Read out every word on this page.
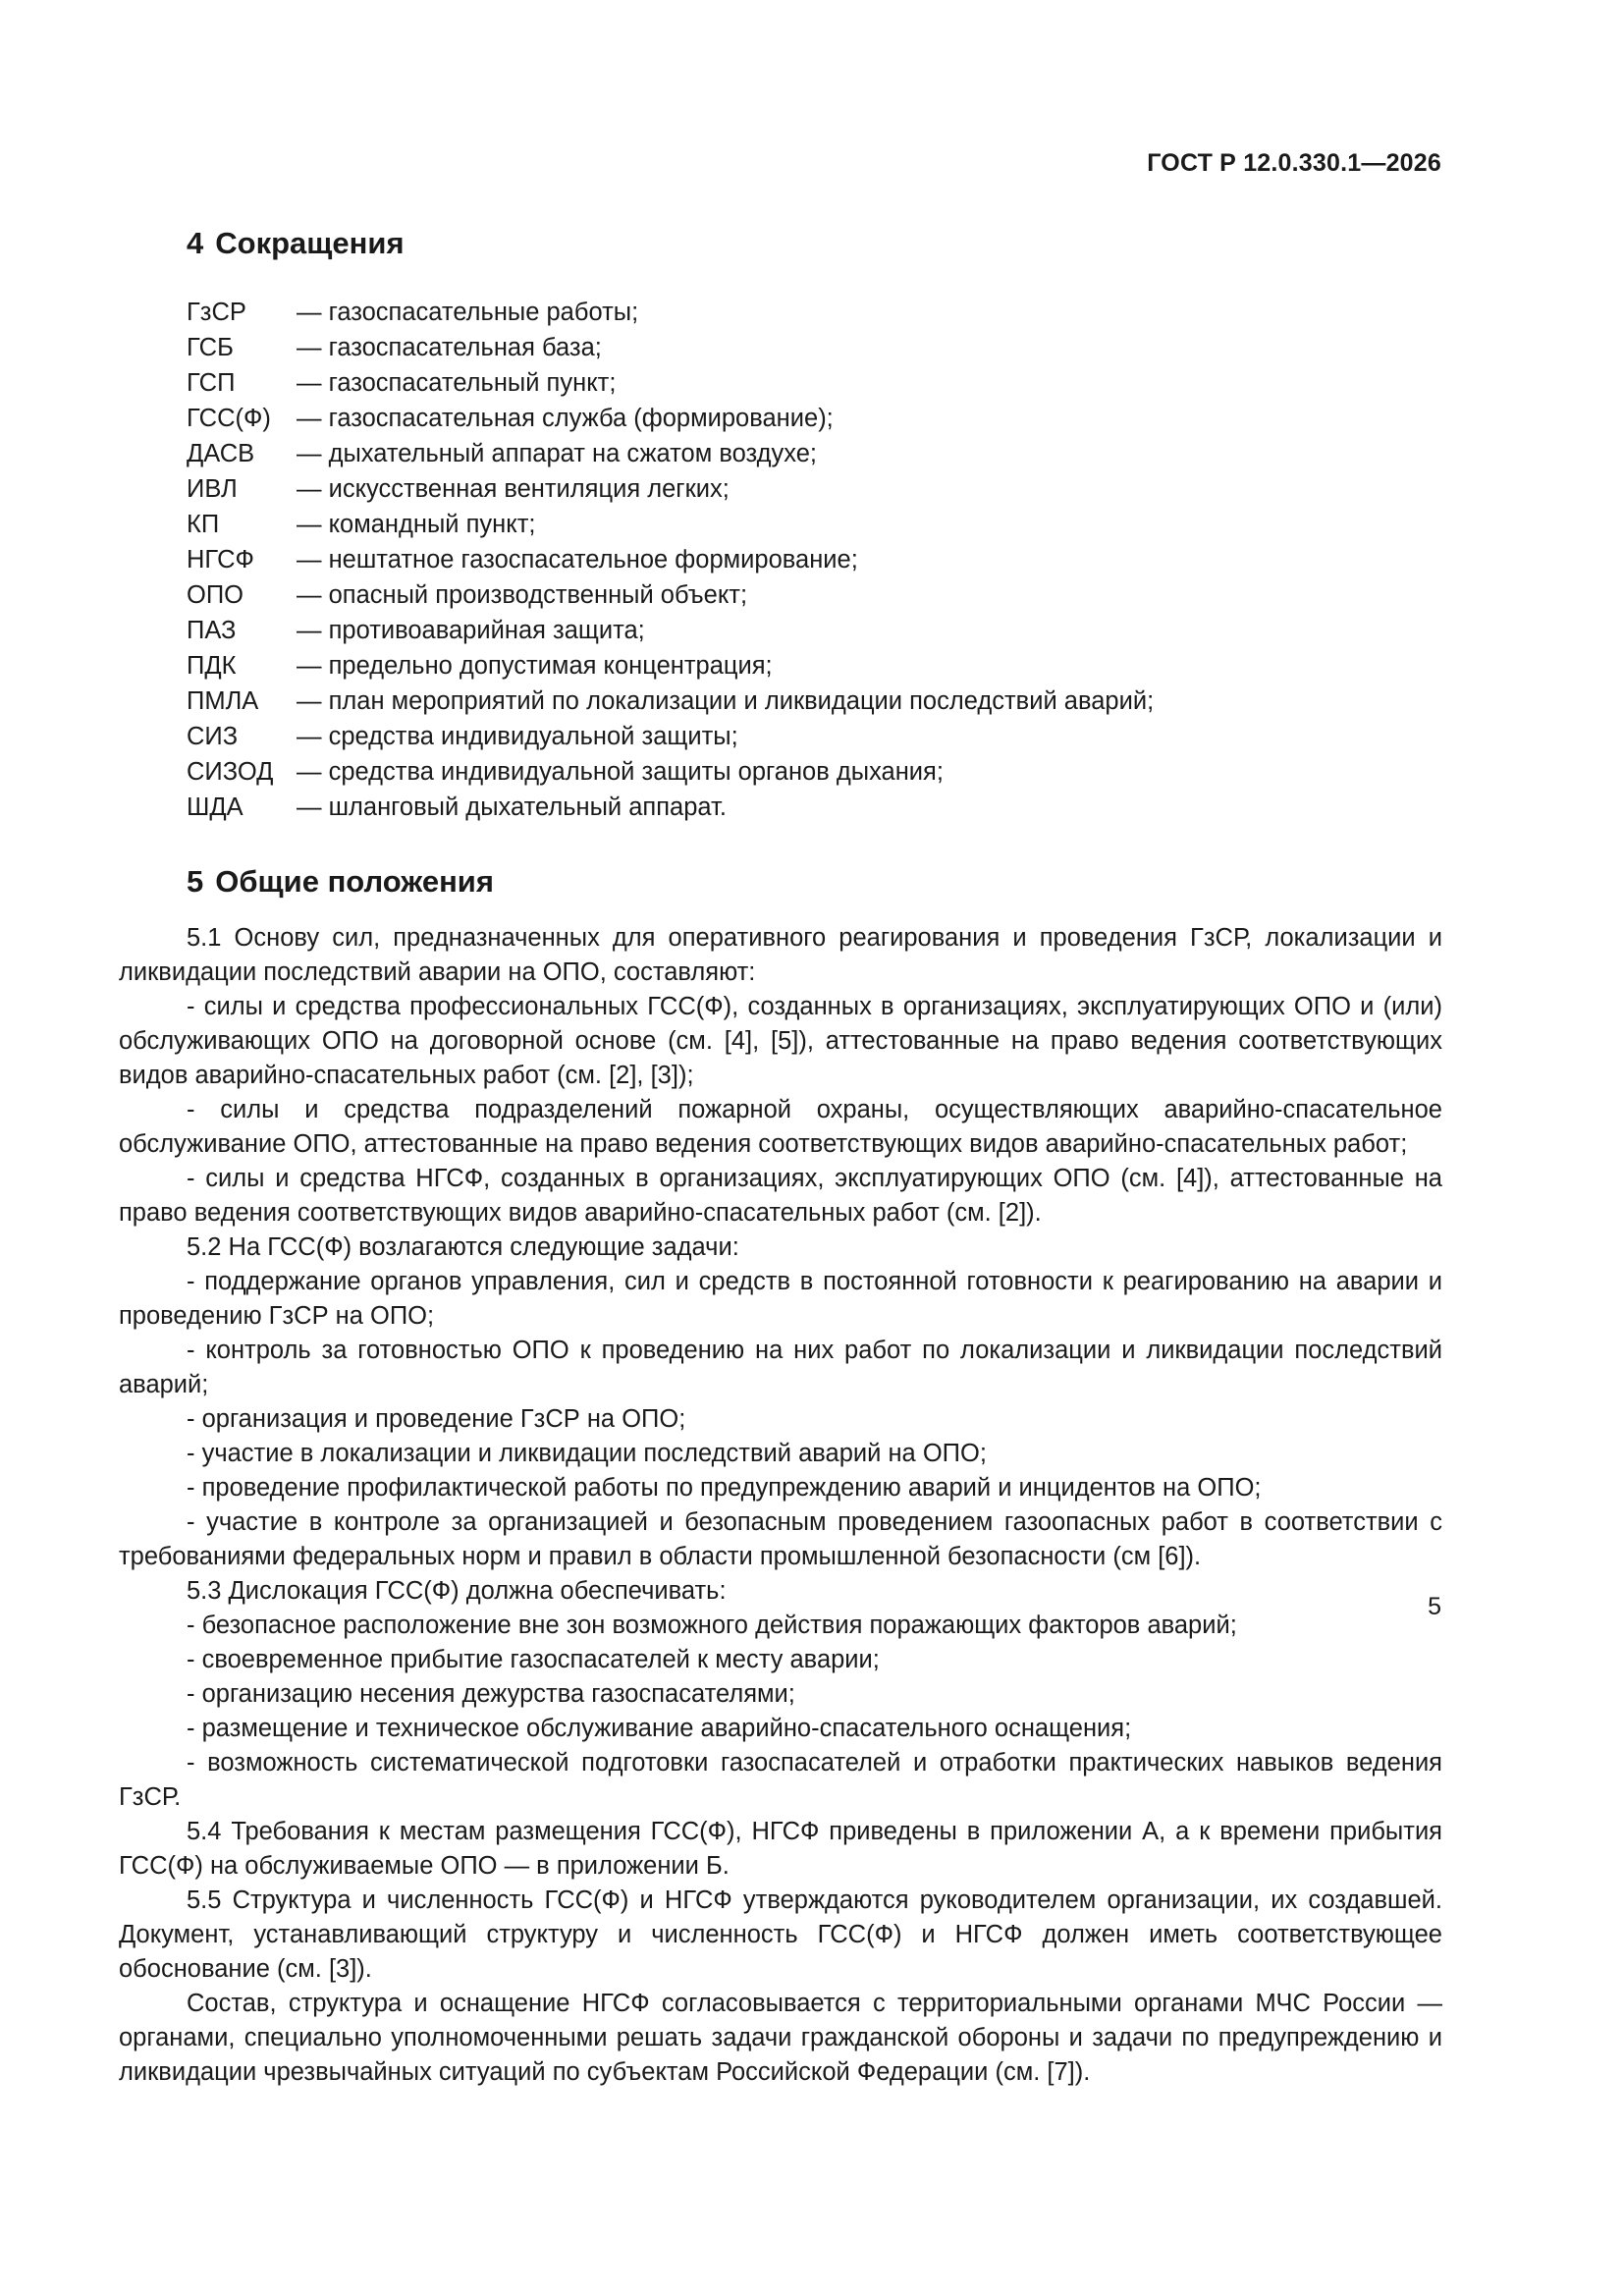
ГОСТ Р 12.0.330.1—2026
4 Сокращения
ГзСР	— газоспасательные работы;
ГСБ	— газоспасательная база;
ГСП	— газоспасательный пункт;
ГСС(Ф)	— газоспасательная служба (формирование);
ДАСВ	— дыхательный аппарат на сжатом воздухе;
ИВЛ	— искусственная вентиляция легких;
КП	— командный пункт;
НГСФ	— нештатное газоспасательное формирование;
ОПО	— опасный производственный объект;
ПАЗ	— противоаварийная защита;
ПДК	— предельно допустимая концентрация;
ПМЛА	— план мероприятий по локализации и ликвидации последствий аварий;
СИЗ	— средства индивидуальной защиты;
СИЗОД — средства индивидуальной защиты органов дыхания;
ШДА	— шланговый дыхательный аппарат.
5 Общие положения

5.1 Основу сил, предназначенных для оперативного реагирования и проведения ГзСР, локализации и ликвидации последствий аварии на ОПО, составляют:

- силы и средства профессиональных ГСС(Ф), созданных в организациях, эксплуатирующих ОПО и (или) обслуживающих ОПО на договорной основе (см. [4], [5]), аттестованные на право ведения соответствующих видов аварийно-спасательных работ (см. [2], [3]);

- силы и средства подразделений пожарной охраны, осуществляющих аварийно-спасательное обслуживание ОПО, аттестованные на право ведения соответствующих видов аварийно-спасательных работ;

- силы и средства НГСФ, созданных в организациях, эксплуатирующих ОПО (см. [4]), аттестованные на право ведения соответствующих видов аварийно-спасательных работ (см. [2]).

5.2 На ГСС(Ф) возлагаются следующие задачи:

- поддержание органов управления, сил и средств в постоянной готовности к реагированию на аварии и проведению ГзСР на ОПО;

- контроль за готовностью ОПО к проведению на них работ по локализации и ликвидации последствий аварий;

- организация и проведение ГзСР на ОПО;

- участие в локализации и ликвидации последствий аварий на ОПО;

- проведение профилактической работы по предупреждению аварий и инцидентов на ОПО;

- участие в контроле за организацией и безопасным проведением газоопасных работ в соответствии с требованиями федеральных норм и правил в области промышленной безопасности (см [6]).

5.3 Дислокация ГСС(Ф) должна обеспечивать:

- безопасное расположение вне зон возможного действия поражающих факторов аварий;

- своевременное прибытие газоспасателей к месту аварии;

- организацию несения дежурства газоспасателями;

- размещение и техническое обслуживание аварийно-спасательного оснащения;

- возможность систематической подготовки газоспасателей и отработки практических навыков ведения ГзСР.

5.4 Требования к местам размещения ГСС(Ф), НГСФ приведены в приложении А, а к времени прибытия ГСС(Ф) на обслуживаемые ОПО — в приложении Б.

5.5 Структура и численность ГСС(Ф) и НГСФ утверждаются руководителем организации, их создавшей. Документ, устанавливающий структуру и численность ГСС(Ф) и НГСФ должен иметь соответствующее обоснование (см. [3]).

Состав, структура и оснащение НГСФ согласовывается с территориальными органами МЧС России — органами, специально уполномоченными решать задачи гражданской обороны и задачи по предупреждению и ликвидации чрезвычайных ситуаций по субъектам Российской Федерации (см. [7]).

5
